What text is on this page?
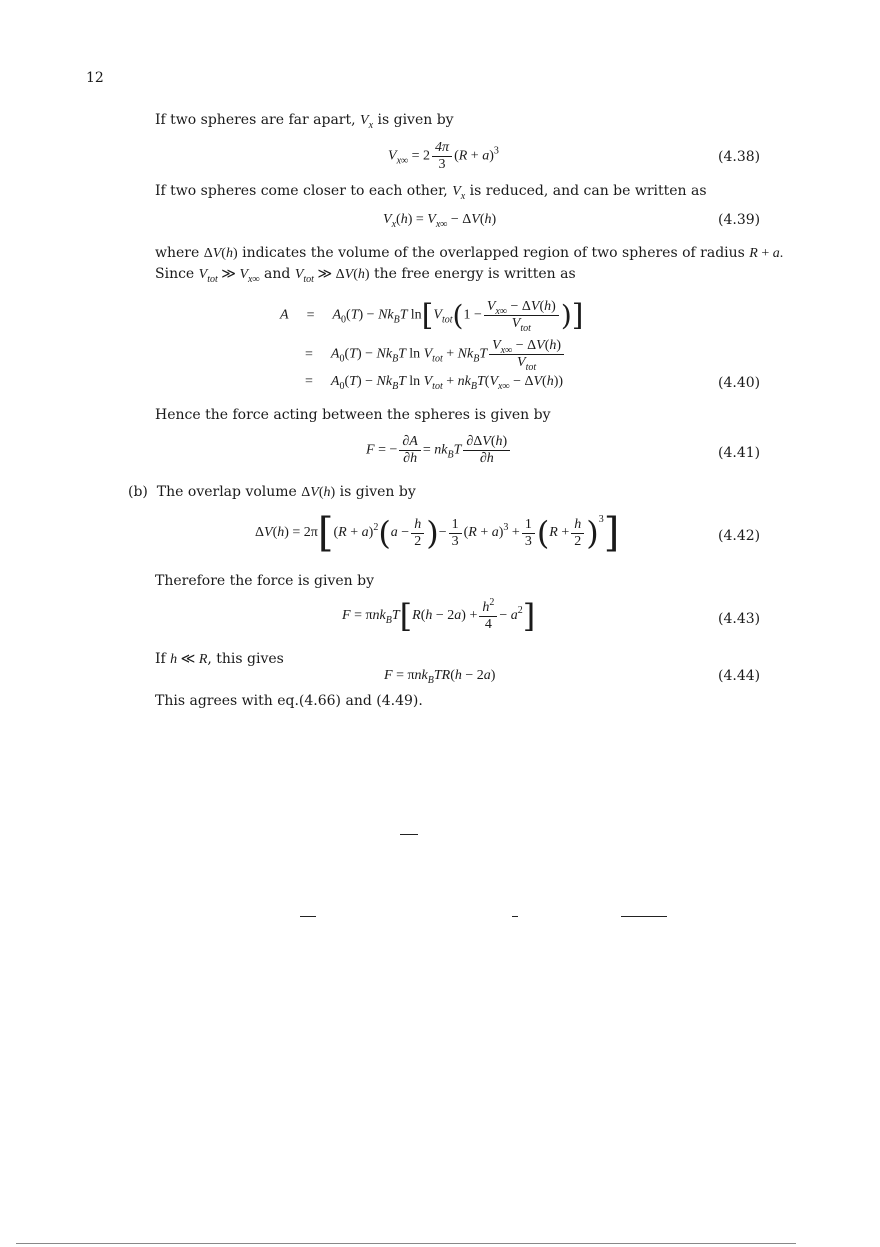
12
If two spheres are far apart, $V_x$ is given by
$V_{x\infty} = 2 \frac{4\pi}{3} (R + a)^3$	(4.38)
If two spheres come closer to each other, $V_x$ is reduced, and can be written as
$V_x(h) = V_{x\infty} - \Delta V(h)$	(4.39)
where ΔV(h) indicates the volume of the overlapped region of two spheres of radius R + a.
Since $V_{tot}$ ≫ $V_{x\infty}$ and $V_{tot}$ ≫ ΔV(h) the free energy is written as
$A = A_0(T) - Nk_BT$ $\ln[V_{tot}(1 - \frac{V_{x\infty} - \Delta V(h)}{V_{tot}}$ )]
= $A_0(T) - Nk_BT$ $\ln V_{tot} + Nk_BT \frac{V_{x\infty} - \Delta V(h)}{V_{tot}}$
= $A_0(T) - Nk_BT$ $\ln V_{tot} + nk_BT(V_{x\infty} - \Delta V(h))$	(4.40)
Hence the force acting between the spheres is given by
F = − $\frac{\partial A}{\partial h} = nk_BT \frac{\partial\Delta V(h)}{\partial h}$	(4.41)
(b) The overlap volume ΔV(h) is given by
$\Delta V(h) = 2\pi[(R + a)^2(a - \frac{h}{2}$ )− $\frac{1}{3} (R + a)^3 + \frac{1}{3} (R + \frac{h}{2} )^3$]	(4.42)
Therefore the force is given by
$F = \pi nk_BT[R(h - 2a) + \frac{h^2}{4} - a^2]$	(4.43)
If h ≪ R, this gives
F = πnk$_B$TR(h − 2a)	(4.44)
This agrees with eq.(4.66) and (4.49).
